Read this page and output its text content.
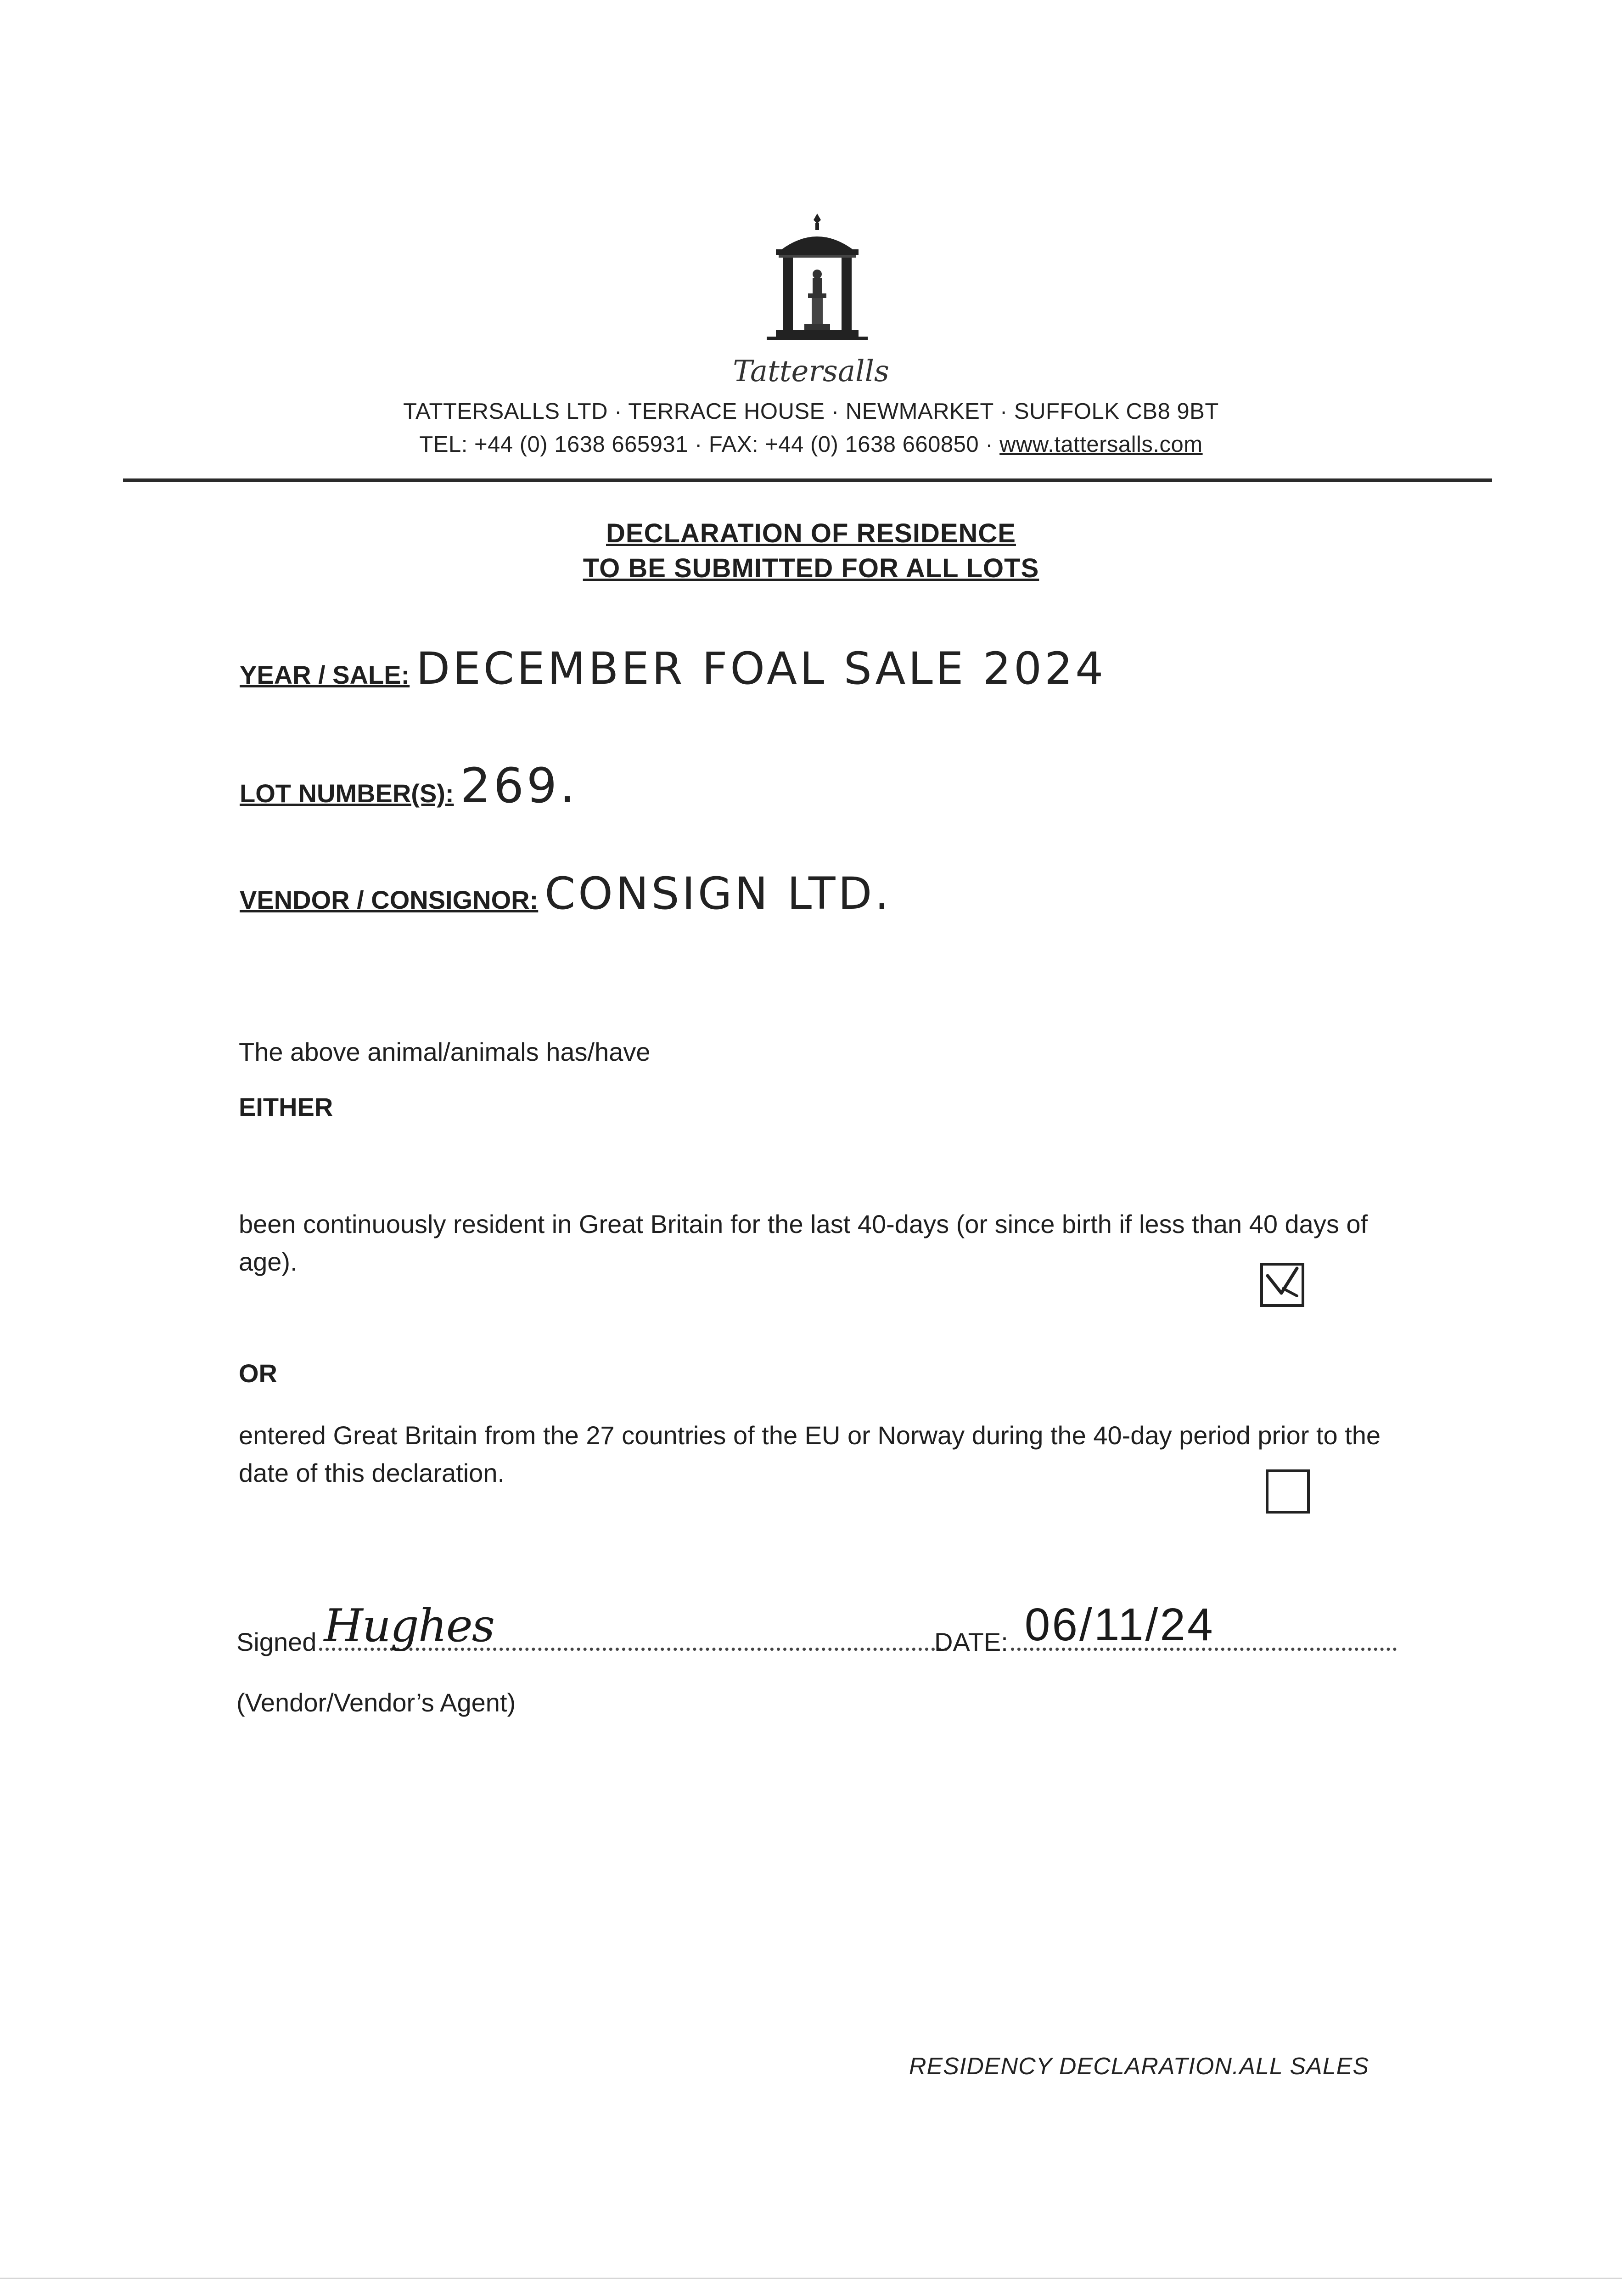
Tattersalls
TATTERSALLS LTD · TERRACE HOUSE · NEWMARKET · SUFFOLK CB8 9BT
TEL: +44 (0) 1638 665931 · FAX: +44 (0) 1638 660850 · www.tattersalls.com
DECLARATION OF RESIDENCE
TO BE SUBMITTED FOR ALL LOTS
YEAR / SALE: DECEMBER FOAL SALE 2024
LOT NUMBER(S): 269.
VENDOR / CONSIGNOR: CONSIGN LTD.
The above animal/animals has/have
EITHER
been continuously resident in Great Britain for the last 40-days (or since birth if less than 40 days of age).
OR
entered Great Britain from the 27 countries of the EU or Norway during the 40-day period prior to the date of this declaration.
Signed Hughes	DATE: 06/11/24
(Vendor/Vendor’s Agent)
RESIDENCY DECLARATION.ALL SALES
